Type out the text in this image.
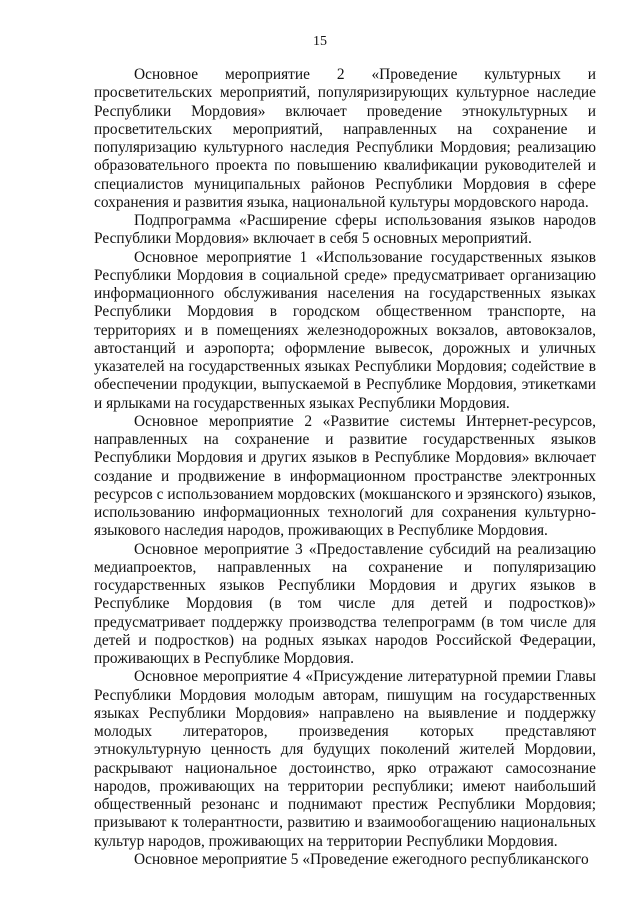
15

Основное мероприятие 2 «Проведение культурных и просветительских мероприятий, популяризирующих культурное наследие Республики Мордовия» включает проведение этнокультурных и просветительских мероприятий, направленных на сохранение и популяризацию культурного наследия Республики Мордовия; реализацию образовательного проекта по повышению квалификации руководителей и специалистов муниципальных районов Республики Мордовия в сфере сохранения и развития языка, национальной культуры мордовского народа.

Подпрограмма «Расширение сферы использования языков народов Республики Мордовия» включает в себя 5 основных мероприятий.

Основное мероприятие 1 «Использование государственных языков Республики Мордовия в социальной среде» предусматривает организацию информационного обслуживания населения на государственных языках Республики Мордовия в городском общественном транспорте, на территориях и в помещениях железнодорожных вокзалов, автовокзалов, автостанций и аэропорта; оформление вывесок, дорожных и уличных указателей на государственных языках Республики Мордовия; содействие в обеспечении продукции, выпускаемой в Республике Мордовия, этикетками и ярлыками на государственных языках Республики Мордовия.

Основное мероприятие 2 «Развитие системы Интернет-ресурсов, направленных на сохранение и развитие государственных языков Республики Мордовия и других языков в Республике Мордовия» включает создание и продвижение в информационном пространстве электронных ресурсов с использованием мордовских (мокшанского и эрзянского) языков, использованию информационных технологий для сохранения культурно-языкового наследия народов, проживающих в Республике Мордовия.

Основное мероприятие 3 «Предоставление субсидий на реализацию медиапроектов, направленных на сохранение и популяризацию государственных языков Республики Мордовия и других языков в Республике Мордовия (в том числе для детей и подростков)» предусматривает поддержку производства телепрограмм (в том числе для детей и подростков) на родных языках народов Российской Федерации, проживающих в Республике Мордовия.

Основное мероприятие 4 «Присуждение литературной премии Главы Республики Мордовия молодым авторам, пишущим на государственных языках Республики Мордовия» направлено на выявление и поддержку молодых литераторов, произведения которых представляют этнокультурную ценность для будущих поколений жителей Мордовии, раскрывают национальное достоинство, ярко отражают самосознание народов, проживающих на территории республики; имеют наибольший общественный резонанс и поднимают престиж Республики Мордовия; призывают к толерантности, развитию и взаимообогащению национальных культур народов, проживающих на территории Республики Мордовия.

Основное мероприятие 5 «Проведение ежегодного республиканского
